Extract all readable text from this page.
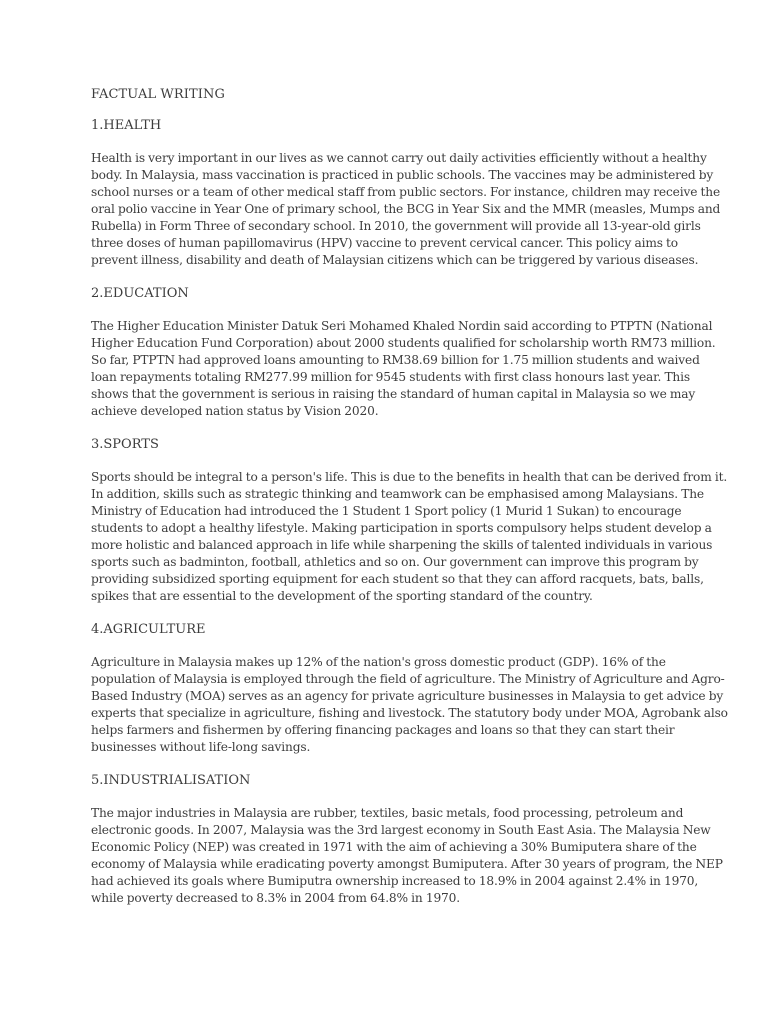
FACTUAL WRITING
1.HEALTH
Health is very important in our lives as we cannot carry out daily activities efficiently without a healthy
body. In Malaysia, mass vaccination is practiced in public schools. The vaccines may be administered by
school nurses or a team of other medical staff from public sectors. For instance, children may receive the
oral polio vaccine in Year One of primary school, the BCG in Year Six and the MMR (measles, Mumps and
Rubella) in Form Three of secondary school. In 2010, the government will provide all 13-year-old girls
three doses of human papillomavirus (HPV) vaccine to prevent cervical cancer. This policy aims to
prevent illness, disability and death of Malaysian citizens which can be triggered by various diseases.
2.EDUCATION
The Higher Education Minister Datuk Seri Mohamed Khaled Nordin said according to PTPTN (National
Higher Education Fund Corporation) about 2000 students qualified for scholarship worth RM73 million.
So far, PTPTN had approved loans amounting to RM38.69 billion for 1.75 million students and waived
loan repayments totaling RM277.99 million for 9545 students with first class honours last year. This
shows that the government is serious in raising the standard of human capital in Malaysia so we may
achieve developed nation status by Vision 2020.
3.SPORTS
Sports should be integral to a person's life. This is due to the benefits in health that can be derived from it.
In addition, skills such as strategic thinking and teamwork can be emphasised among Malaysians. The
Ministry of Education had introduced the 1 Student 1 Sport policy (1 Murid 1 Sukan) to encourage
students to adopt a healthy lifestyle. Making participation in sports compulsory helps student develop a
more holistic and balanced approach in life while sharpening the skills of talented individuals in various
sports such as badminton, football, athletics and so on. Our government can improve this program by
providing subsidized sporting equipment for each student so that they can afford racquets, bats, balls,
spikes that are essential to the development of the sporting standard of the country.
4.AGRICULTURE
Agriculture in Malaysia makes up 12% of the nation's gross domestic product (GDP). 16% of the
population of Malaysia is employed through the field of agriculture. The Ministry of Agriculture and Agro-
Based Industry (MOA) serves as an agency for private agriculture businesses in Malaysia to get advice by
experts that specialize in agriculture, fishing and livestock. The statutory body under MOA, Agrobank also
helps farmers and fishermen by offering financing packages and loans so that they can start their
businesses without life-long savings.
5.INDUSTRIALISATION
The major industries in Malaysia are rubber, textiles, basic metals, food processing, petroleum and
electronic goods. In 2007, Malaysia was the 3rd largest economy in South East Asia. The Malaysia New
Economic Policy (NEP) was created in 1971 with the aim of achieving a 30% Bumiputera share of the
economy of Malaysia while eradicating poverty amongst Bumiputera. After 30 years of program, the NEP
had achieved its goals where Bumiputra ownership increased to 18.9% in 2004 against 2.4% in 1970,
while poverty decreased to 8.3% in 2004 from 64.8% in 1970.
